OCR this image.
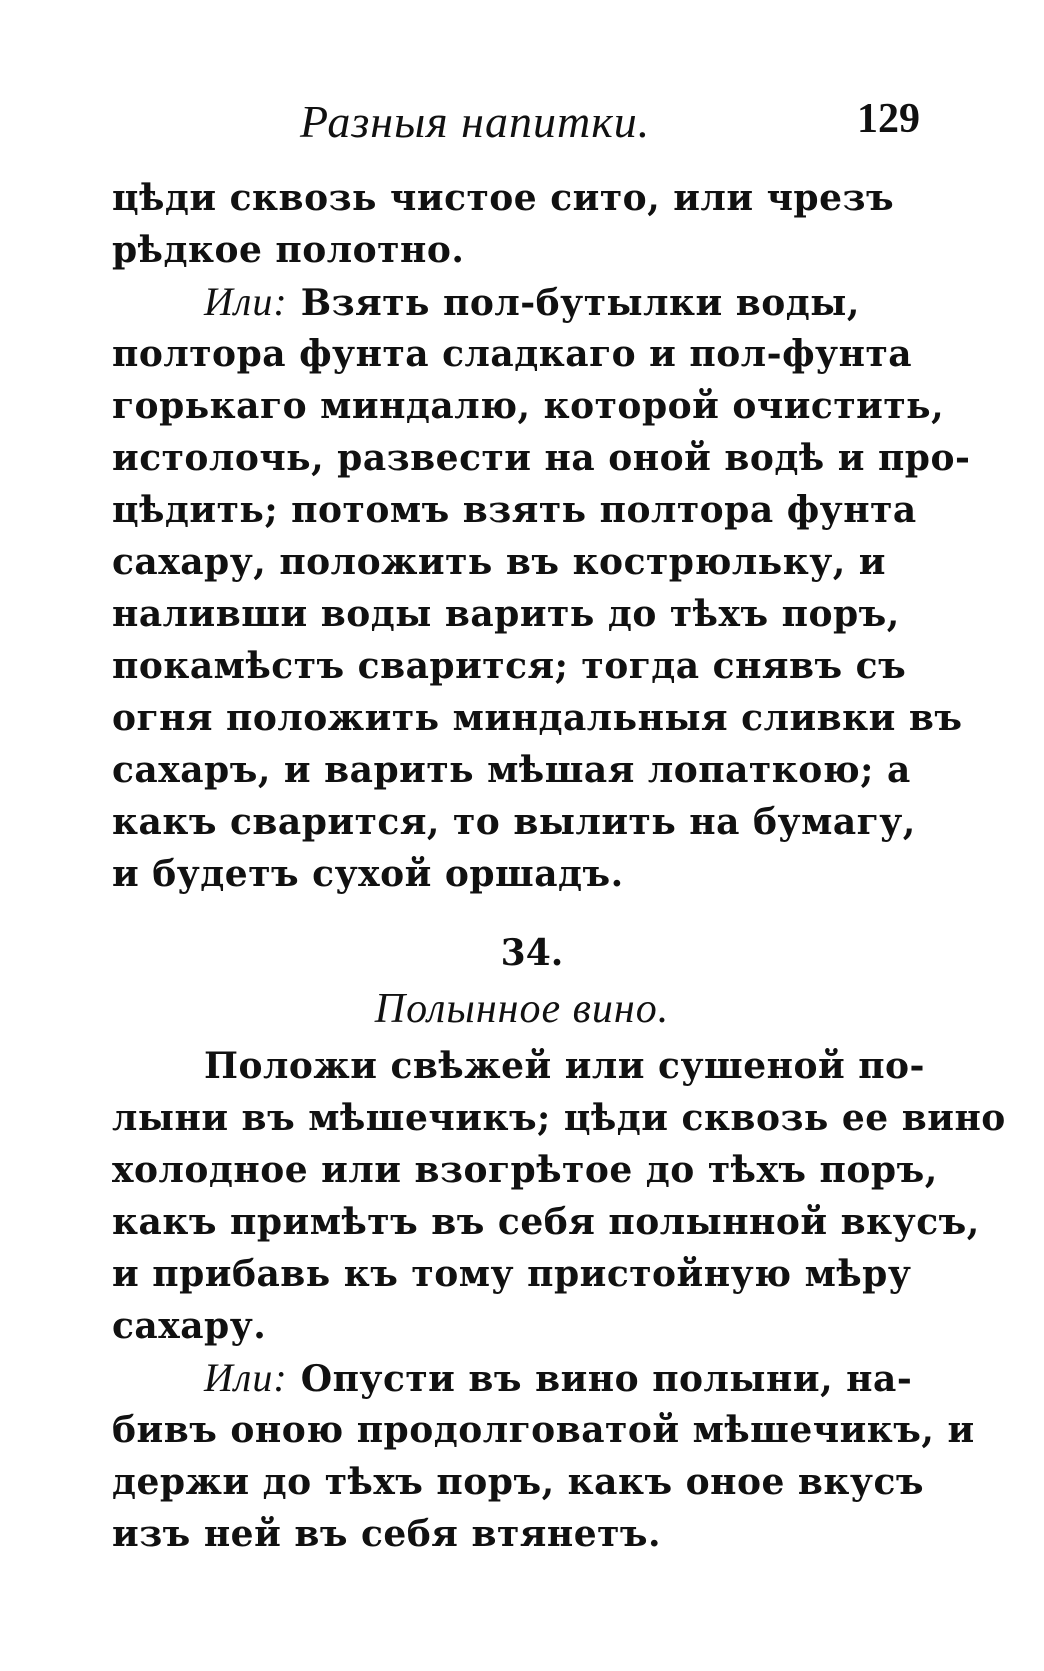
Разныя напитки.	129
цѣди сквозь чистое сито, или чрезъ
рѣдкое полотно.
Или: Взять пол-бутылки воды,
полтора фунта сладкаго и пол-фунта
горькаго миндалю, которой очистить,
истолочь, развести на оной водѣ и про-
цѣдить; потомъ взять полтора фунта
сахару, положить въ кострюльку, и
наливши воды варить до тѣхъ поръ,
покамѣстъ сварится; тогда снявъ съ
огня положить миндальныя сливки въ
сахаръ, и варить мѣшая лопаткою; а
какъ сварится, то вылить на бумагу,
и будетъ сухой оршадъ.
34.
Полынное вино.
Положи свѣжей или сушеной по-
лыни въ мѣшечикъ; цѣди сквозь ее вино
холодное или взогрѣтое до тѣхъ поръ,
какъ примѣтъ въ себя полынной вкусъ,
и прибавь къ тому пристойную мѣру
сахару.
Или: Опусти въ вино полыни, на-
бивъ оною продолговатой мѣшечикъ, и
держи до тѣхъ поръ, какъ оное вкусъ
изъ ней въ себя втянетъ.
